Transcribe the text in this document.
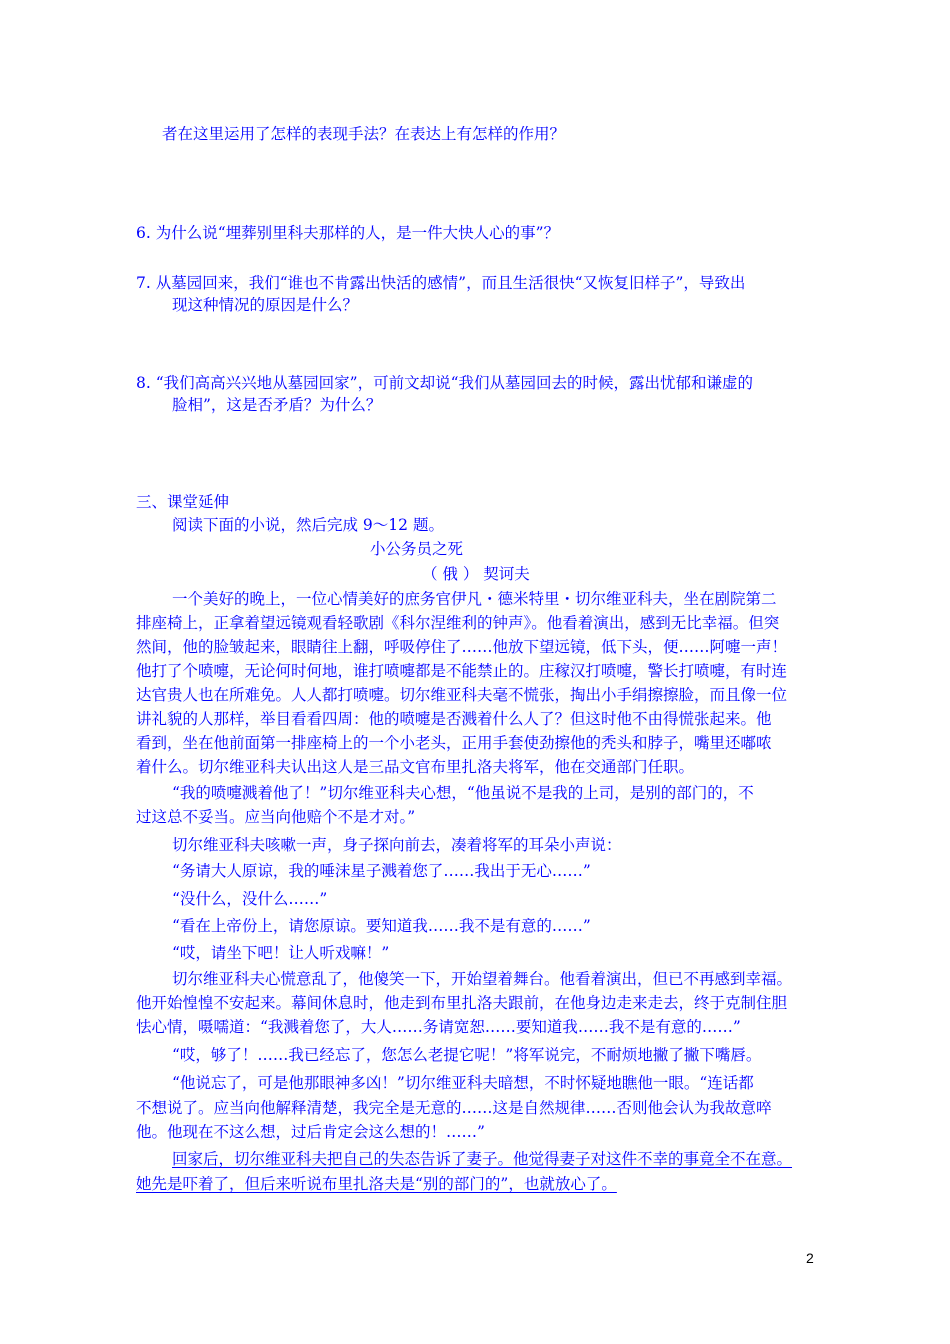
者在这里运用了怎样的表现手法？在表达上有怎样的作用？
6. 为什么说“埋葬别里科夫那样的人，是一件大快人心的事”？
7. 从墓园回来，我们“谁也不肯露出快活的感情”，而且生活很快“又恢复旧样子”，导致出
现这种情况的原因是什么？
8. “我们高高兴兴地从墓园回家”，可前文却说“我们从墓园回去的时候，露出忧郁和谦虚的
脸相”，这是否矛盾？为什么？
三、课堂延伸
阅读下面的小说，然后完成 9～12 题。
小公务员之死
（ 俄 ） 契诃夫
一个美好的晚上，一位心情美好的庶务官伊凡・德米特里・切尔维亚科夫，坐在剧院第二
排座椅上，正拿着望远镜观看轻歌剧《科尔涅维利的钟声》。他看着演出，感到无比幸福。但突
然间，他的脸皱起来，眼睛往上翻，呼吸停住了……他放下望远镜，低下头，便……阿嚏一声！
他打了个喷嚏，无论何时何地，谁打喷嚏都是不能禁止的。庄稼汉打喷嚏，警长打喷嚏，有时连
达官贵人也在所难免。人人都打喷嚏。切尔维亚科夫毫不慌张，掏出小手绢擦擦脸，而且像一位
讲礼貌的人那样，举目看看四周：他的喷嚏是否溅着什么人了？但这时他不由得慌张起来。他
看到，坐在他前面第一排座椅上的一个小老头，正用手套使劲擦他的秃头和脖子，嘴里还嘟哝
着什么。切尔维亚科夫认出这人是三品文官布里扎洛夫将军，他在交通部门任职。
“我的喷嚏溅着他了！”切尔维亚科夫心想，“他虽说不是我的上司，是别的部门的，不
过这总不妥当。应当向他赔个不是才对。”
切尔维亚科夫咳嗽一声，身子探向前去，凑着将军的耳朵小声说：
“务请大人原谅，我的唾沫星子溅着您了……我出于无心……”
“没什么，没什么……”
“看在上帝份上，请您原谅。要知道我……我不是有意的……”
“哎，请坐下吧！让人听戏嘛！”
切尔维亚科夫心慌意乱了，他傻笑一下，开始望着舞台。他看着演出，但已不再感到幸福。
他开始惶惶不安起来。幕间休息时，他走到布里扎洛夫跟前，在他身边走来走去，终于克制住胆
怯心情，嗫嚅道：“我溅着您了，大人……务请宽恕……要知道我……我不是有意的……”
“哎，够了！……我已经忘了，您怎么老提它呢！”将军说完，不耐烦地撇了撇下嘴唇。
“他说忘了，可是他那眼神多凶！”切尔维亚科夫暗想，不时怀疑地瞧他一眼。“连话都
不想说了。应当向他解释清楚，我完全是无意的……这是自然规律……否则他会认为我故意啐
他。他现在不这么想，过后肯定会这么想的！……”
回家后，切尔维亚科夫把自己的失态告诉了妻子。他觉得妻子对这件不幸的事竟全不在意。
她先是吓着了，但后来听说布里扎洛夫是“别的部门的”，也就放心了。
2
